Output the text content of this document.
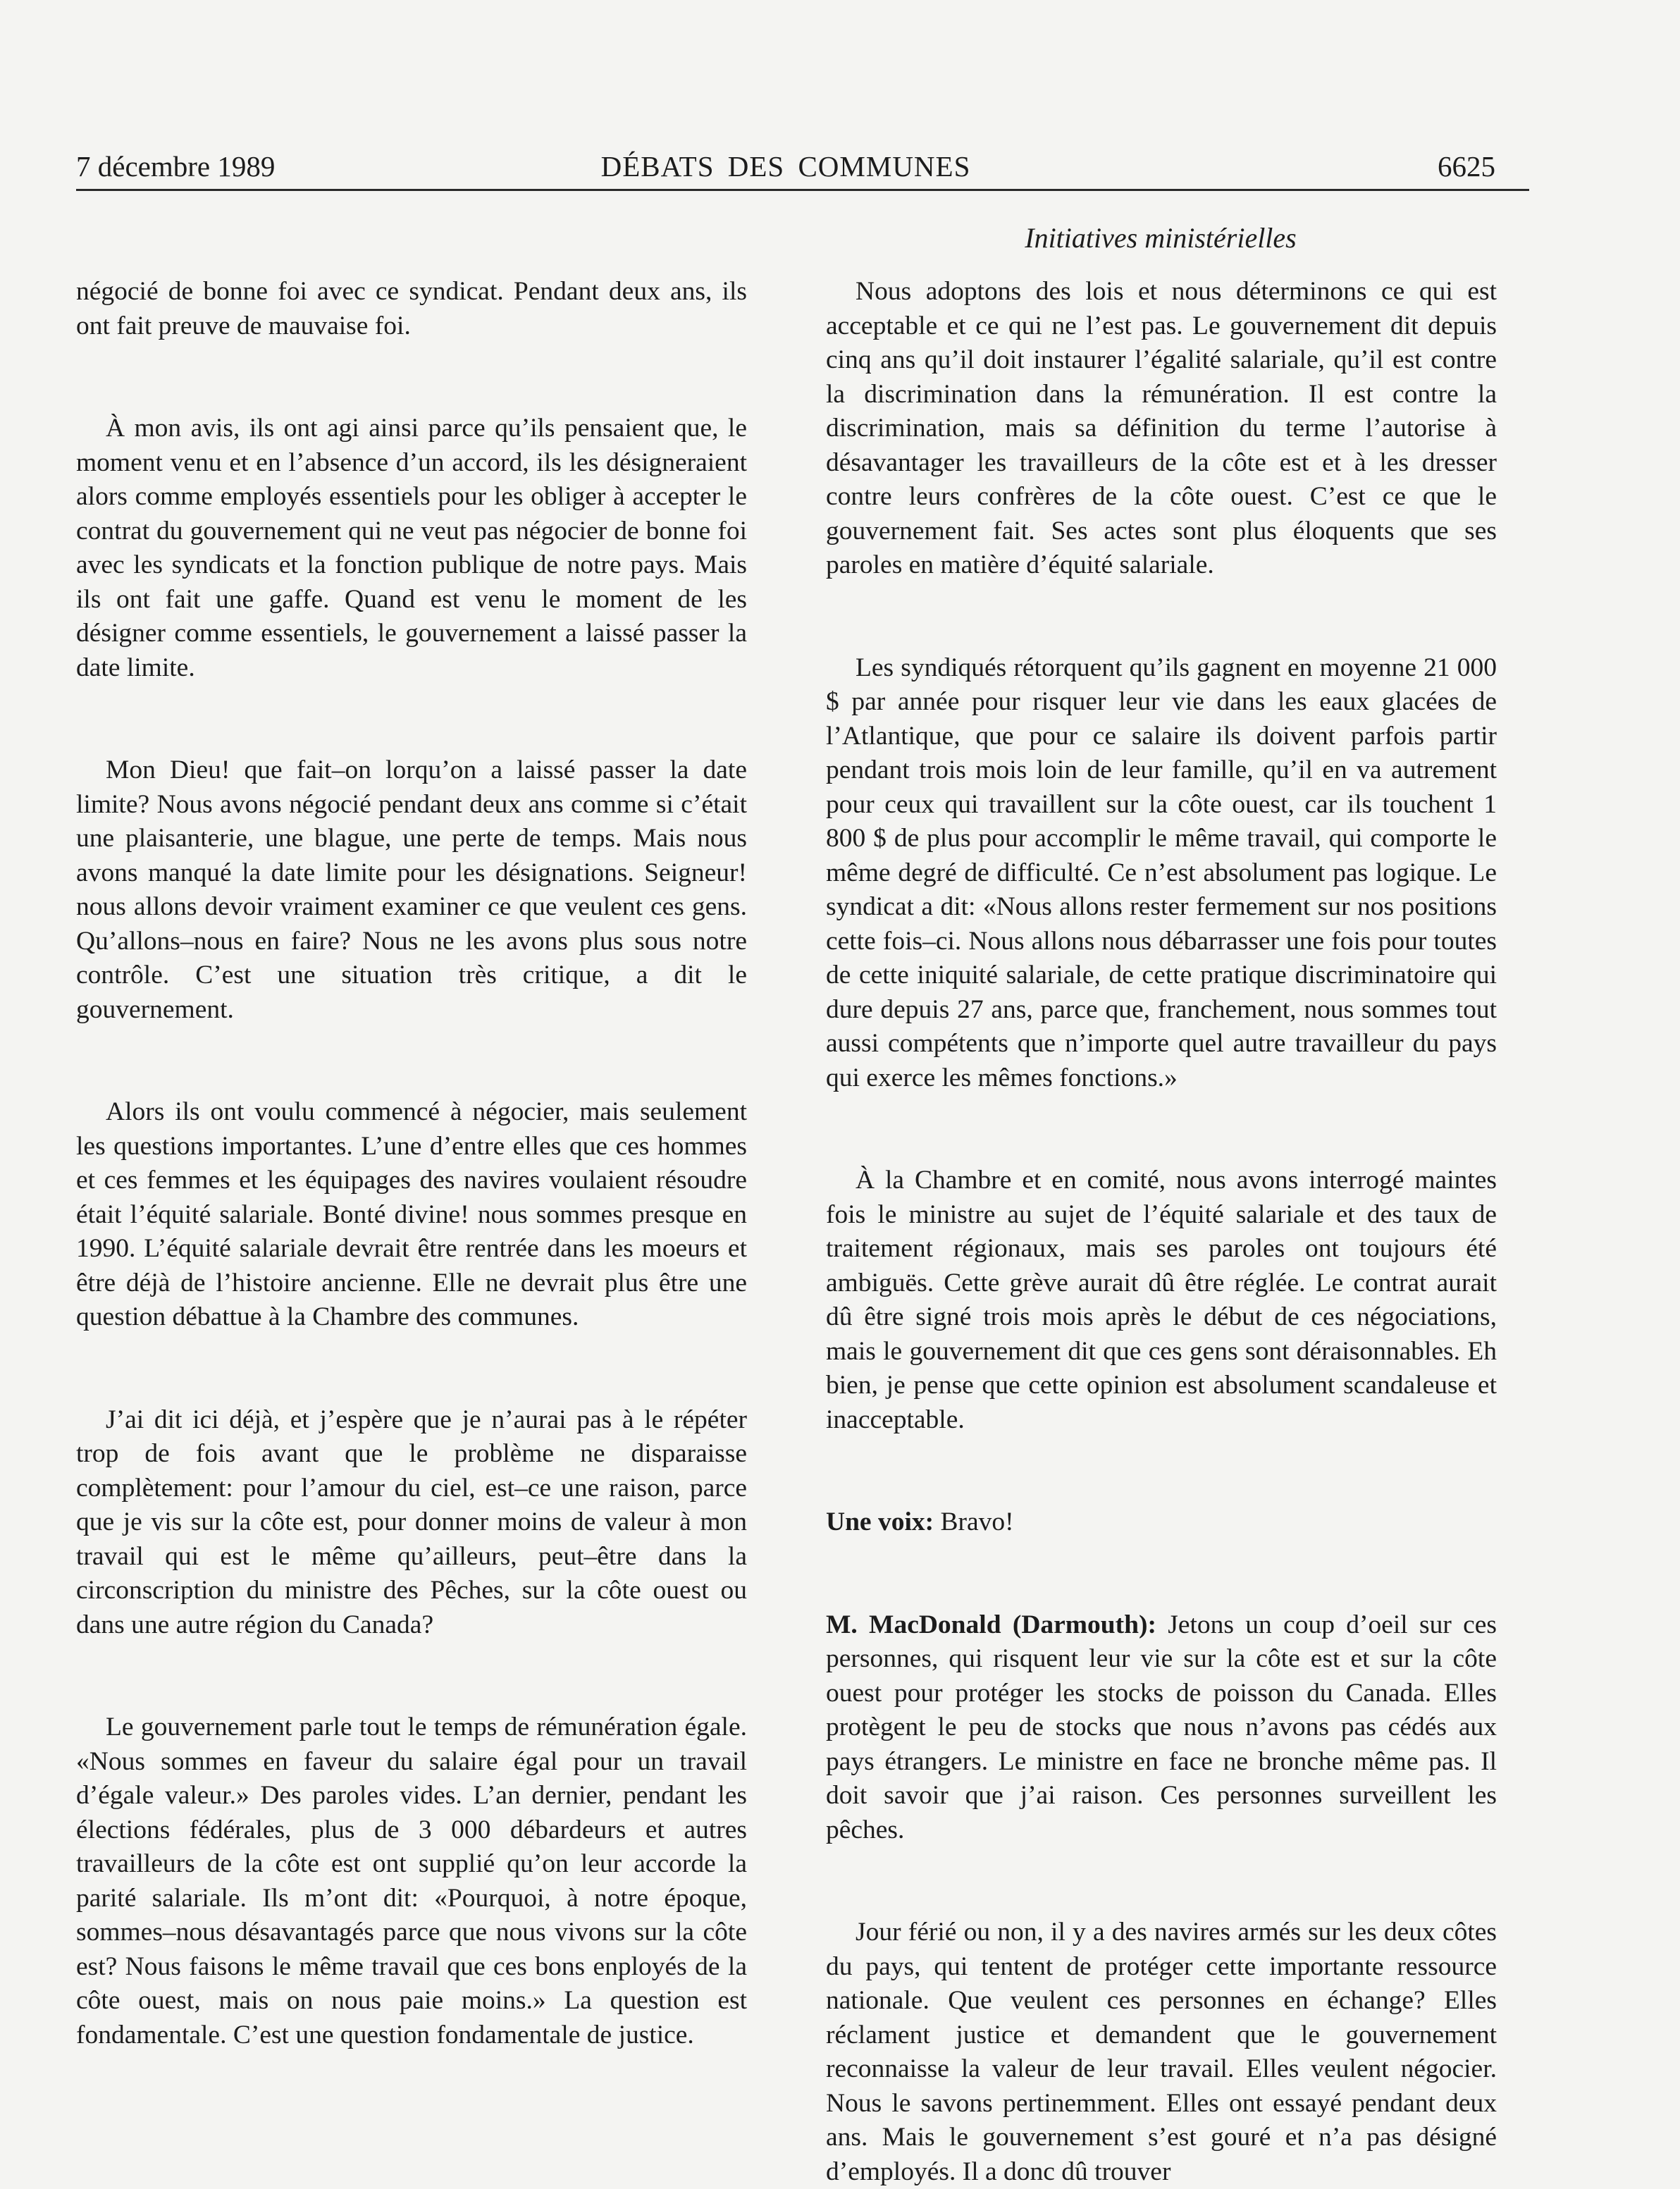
7 décembre 1989	DÉBATS DES COMMUNES	6625
Initiatives ministérielles

négocié de bonne foi avec ce syndicat. Pendant deux ans, ils ont fait preuve de mauvaise foi.

À mon avis, ils ont agi ainsi parce qu’ils pensaient que, le moment venu et en l’absence d’un accord, ils les désigneraient alors comme employés essentiels pour les obliger à accepter le contrat du gouvernement qui ne veut pas négocier de bonne foi avec les syndicats et la fonction publique de notre pays. Mais ils ont fait une gaffe. Quand est venu le moment de les désigner comme essentiels, le gouvernement a laissé passer la date limite.

Mon Dieu! que fait–on lorqu’on a laissé passer la date limite? Nous avons négocié pendant deux ans comme si c’était une plaisanterie, une blague, une perte de temps. Mais nous avons manqué la date limite pour les désignations. Seigneur! nous allons devoir vraiment examiner ce que veulent ces gens. Qu’allons–nous en faire? Nous ne les avons plus sous notre contrôle. C’est une situation très critique, a dit le gouvernement.

Alors ils ont voulu commencé à négocier, mais seulement les questions importantes. L’une d’entre elles que ces hommes et ces femmes et les équipages des navires voulaient résoudre était l’équité salariale. Bonté divine! nous sommes presque en 1990. L’équité salariale devrait être rentrée dans les moeurs et être déjà de l’histoire ancienne. Elle ne devrait plus être une question débattue à la Chambre des communes.

J’ai dit ici déjà, et j’espère que je n’aurai pas à le répéter trop de fois avant que le problème ne disparaisse complètement: pour l’amour du ciel, est–ce une raison, parce que je vis sur la côte est, pour donner moins de valeur à mon travail qui est le même qu’ailleurs, peut–être dans la circonscription du ministre des Pêches, sur la côte ouest ou dans une autre région du Canada?

Le gouvernement parle tout le temps de rémunération égale. «Nous sommes en faveur du salaire égal pour un travail d’égale valeur.» Des paroles vides. L’an dernier, pendant les élections fédérales, plus de 3 000 débardeurs et autres travailleurs de la côte est ont supplié qu’on leur accorde la parité salariale. Ils m’ont dit: «Pourquoi, à notre époque, sommes–nous désavantagés parce que nous vivons sur la côte est? Nous faisons le même travail que ces bons enployés de la côte ouest, mais on nous paie moins.» La question est fondamentale. C’est une question fondamentale de justice.

Nous adoptons des lois et nous déterminons ce qui est acceptable et ce qui ne l’est pas. Le gouvernement dit depuis cinq ans qu’il doit instaurer l’égalité salariale, qu’il est contre la discrimination dans la rémunération. Il est contre la discrimination, mais sa définition du terme l’autorise à désavantager les travailleurs de la côte est et à les dresser contre leurs confrères de la côte ouest. C’est ce que le gouvernement fait. Ses actes sont plus éloquents que ses paroles en matière d’équité salariale.

Les syndiqués rétorquent qu’ils gagnent en moyenne 21 000 $ par année pour risquer leur vie dans les eaux glacées de l’Atlantique, que pour ce salaire ils doivent parfois partir pendant trois mois loin de leur famille, qu’il en va autrement pour ceux qui travaillent sur la côte ouest, car ils touchent 1 800 $ de plus pour accomplir le même travail, qui comporte le même degré de difficulté. Ce n’est absolument pas logique. Le syndicat a dit: «Nous allons rester fermement sur nos positions cette fois–ci. Nous allons nous débarrasser une fois pour toutes de cette iniquité salariale, de cette pratique discriminatoire qui dure depuis 27 ans, parce que, franchement, nous sommes tout aussi compétents que n’importe quel autre travailleur du pays qui exerce les mêmes fonctions.»

À la Chambre et en comité, nous avons interrogé maintes fois le ministre au sujet de l’équité salariale et des taux de traitement régionaux, mais ses paroles ont toujours été ambiguës. Cette grève aurait dû être réglée. Le contrat aurait dû être signé trois mois après le début de ces négociations, mais le gouvernement dit que ces gens sont déraisonnables. Eh bien, je pense que cette opinion est absolument scandaleuse et inacceptable.

Une voix: Bravo!

M. MacDonald (Darmouth): Jetons un coup d’oeil sur ces personnes, qui risquent leur vie sur la côte est et sur la côte ouest pour protéger les stocks de poisson du Canada. Elles protègent le peu de stocks que nous n’avons pas cédés aux pays étrangers. Le ministre en face ne bronche même pas. Il doit savoir que j’ai raison. Ces personnes surveillent les pêches.

Jour férié ou non, il y a des navires armés sur les deux côtes du pays, qui tentent de protéger cette importante ressource nationale. Que veulent ces personnes en échange? Elles réclament justice et demandent que le gouvernement reconnaisse la valeur de leur travail. Elles veulent négocier. Nous le savons pertinemment. Elles ont essayé pendant deux ans. Mais le gouvernement s’est gouré et n’a pas désigné d’employés. Il a donc dû trouver
